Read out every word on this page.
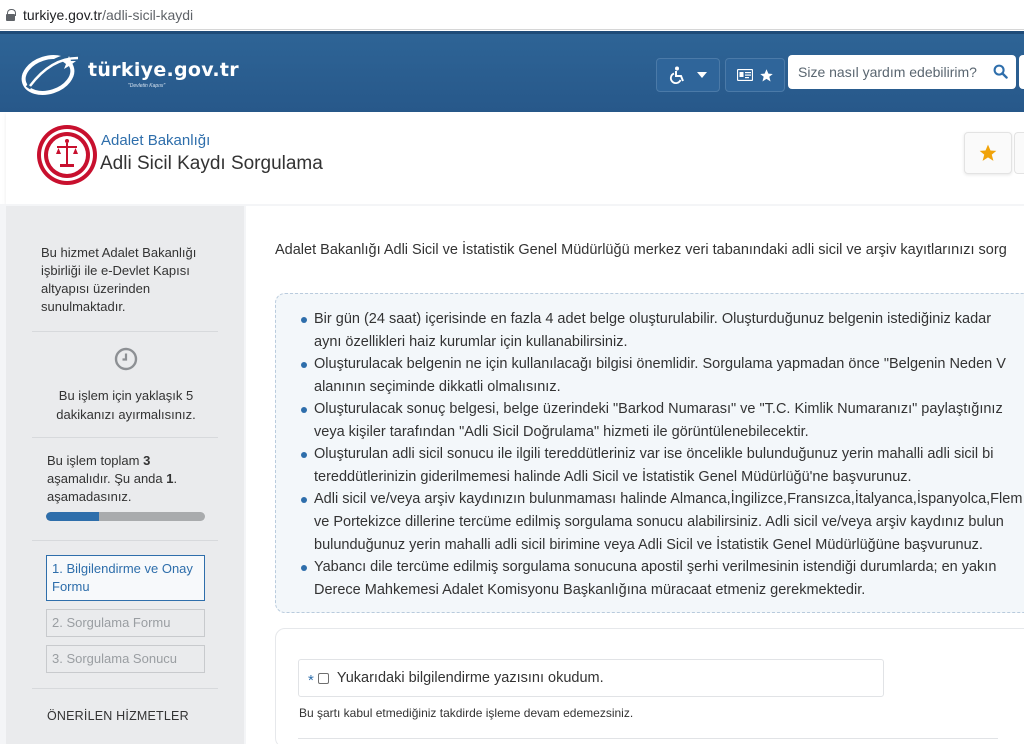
turkiye.gov.tr/adli-sicil-kaydi
türkiye.gov.tr
"Devletin Kapısı"
Size nasıl yardım edebilirim?
Adalet Bakanlığı
Adli Sicil Kaydı Sorgulama
Bu hizmet Adalet Bakanlığı işbirliği ile e-Devlet Kapısı altyapısı üzerinden sunulmaktadır.
Bu işlem için yaklaşık 5 dakikanızı ayırmalısınız.
Bu işlem toplam 3 aşamalıdır. Şu anda 1. aşamadasınız.
1. Bilgilendirme ve Onay Formu
2. Sorgulama Formu
3. Sorgulama Sonucu
ÖNERİLEN HİZMETLER
Adalet Bakanlığı Adli Sicil ve İstatistik Genel Müdürlüğü merkez veri tabanındaki adli sicil ve arşiv kayıtlarınızı sorg
Bir gün (24 saat) içerisinde en fazla 4 adet belge oluşturulabilir. Oluşturduğunuz belgenin istediğiniz kadar
aynı özellikleri haiz kurumlar için kullanabilirsiniz.
Oluşturulacak belgenin ne için kullanılacağı bilgisi önemlidir. Sorgulama yapmadan önce "Belgenin Neden V
alanının seçiminde dikkatli olmalısınız.
Oluşturulacak sonuç belgesi, belge üzerindeki "Barkod Numarası" ve "T.C. Kimlik Numaranızı" paylaştığınız
veya kişiler tarafından "Adli Sicil Doğrulama" hizmeti ile görüntülenebilecektir.
Oluşturulan adli sicil sonucu ile ilgili tereddütleriniz var ise öncelikle bulunduğunuz yerin mahalli adli sicil bi
tereddütlerinizin giderilmemesi halinde Adli Sicil ve İstatistik Genel Müdürlüğü'ne başvurunuz.
Adli sicil ve/veya arşiv kaydınızın bulunmaması halinde Almanca,İngilizce,Fransızca,İtalyanca,İspanyolca,Flem
ve Portekizce dillerine tercüme edilmiş sorgulama sonucu alabilirsiniz. Adli sicil ve/veya arşiv kaydınız bulun
bulunduğunuz yerin mahalli adli sicil birimine veya Adli Sicil ve İstatistik Genel Müdürlüğüne başvurunuz.
Yabancı dile tercüme edilmiş sorgulama sonucuna apostil şerhi verilmesinin istendiği durumlarda; en yakın
Derece Mahkemesi Adalet Komisyonu Başkanlığına müracaat etmeniz gerekmektedir.
* Yukarıdaki bilgilendirme yazısını okudum.
Bu şartı kabul etmediğiniz takdirde işleme devam edemezsiniz.
